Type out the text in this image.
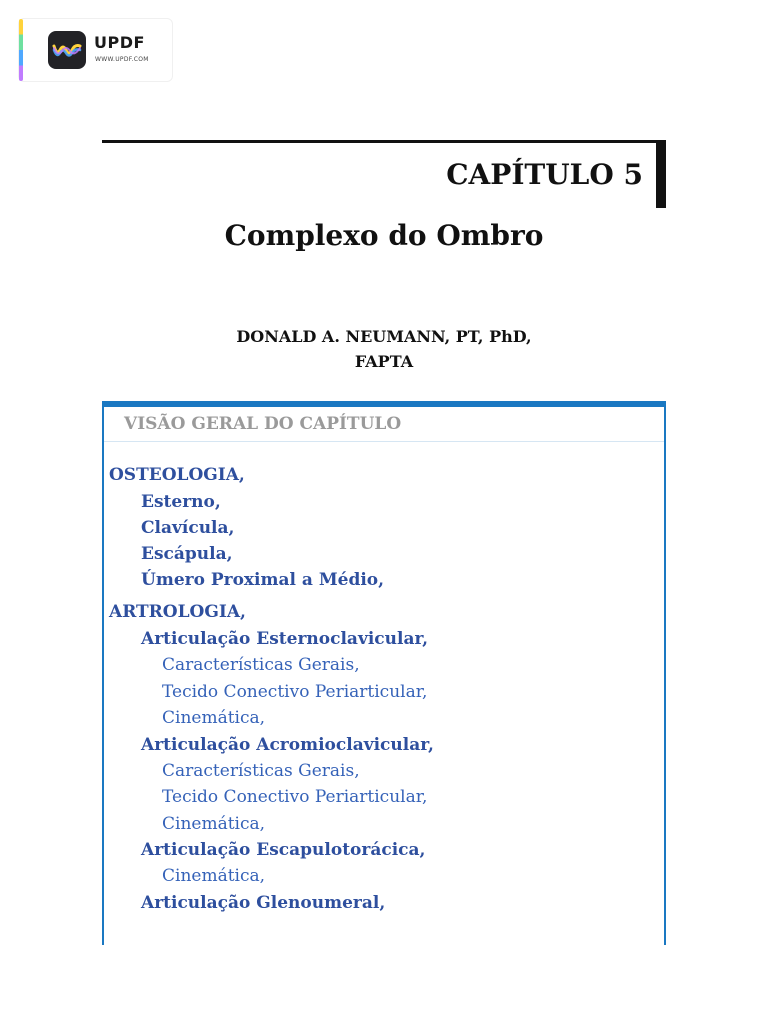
UPDF
WWW.UPDF.COM
CAPÍTULO 5
Complexo do Ombro
DONALD A. NEUMANN, PT, PhD,
FAPTA
VISÃO GERAL DO CAPÍTULO
OSTEOLOGIA,
Esterno,
Clavícula,
Escápula,
Úmero Proximal a Médio,
ARTROLOGIA,
Articulação Esternoclavicular,
Características Gerais,
Tecido Conectivo Periarticular,
Cinemática,
Articulação Acromioclavicular,
Características Gerais,
Tecido Conectivo Periarticular,
Cinemática,
Articulação Escapulotorácica,
Cinemática,
Articulação Glenoumeral,
